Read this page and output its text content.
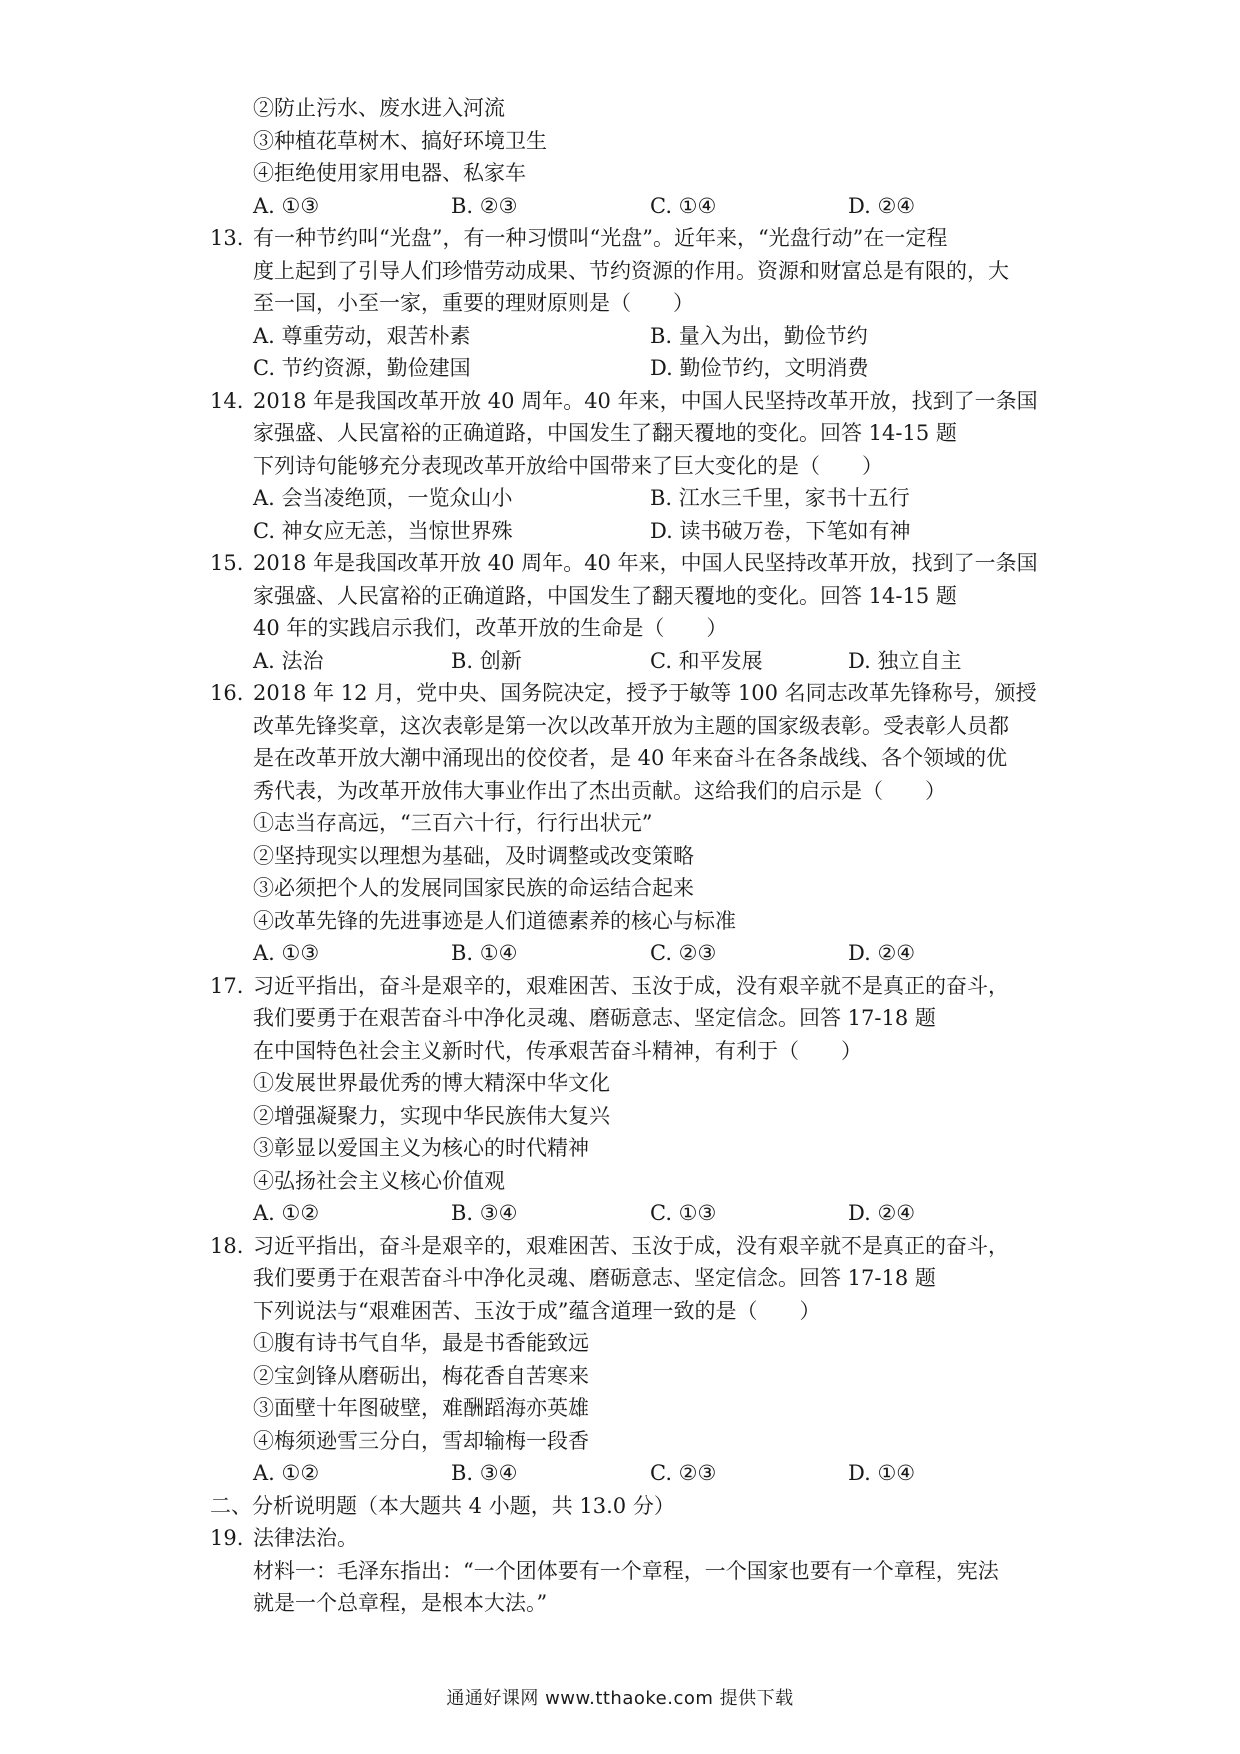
②防止污水、废水进入河流
③种植花草树木、搞好环境卫生
④拒绝使用家用电器、私家车
A. ①③	B. ②③	C. ①④	D. ②④
13. 有一种节约叫“光盘”，有一种习惯叫“光盘”。近年来，“光盘行动”在一定程
度上起到了引导人们珍惜劳动成果、节约资源的作用。资源和财富总是有限的，大
至一国，小至一家，重要的理财原则是（　　）
A. 尊重劳动，艰苦朴素	B. 量入为出，勤俭节约
C. 节约资源，勤俭建国	D. 勤俭节约，文明消费
14. 2018 年是我国改革开放 40 周年。40 年来，中国人民坚持改革开放，找到了一条国
家强盛、人民富裕的正确道路，中国发生了翻天覆地的变化。回答 14-15 题
下列诗句能够充分表现改革开放给中国带来了巨大变化的是（　　）
A. 会当凌绝顶，一览众山小	B. 江水三千里，家书十五行
C. 神女应无恙，当惊世界殊	D. 读书破万卷，下笔如有神
15. 2018 年是我国改革开放 40 周年。40 年来，中国人民坚持改革开放，找到了一条国
家强盛、人民富裕的正确道路，中国发生了翻天覆地的变化。回答 14-15 题
40 年的实践启示我们，改革开放的生命是（　　）
A. 法治	B. 创新	C. 和平发展	D. 独立自主
16. 2018 年 12 月，党中央、国务院决定，授予于敏等 100 名同志改革先锋称号，颁授
改革先锋奖章，这次表彰是第一次以改革开放为主题的国家级表彰。受表彰人员都
是在改革开放大潮中涌现出的佼佼者，是 40 年来奋斗在各条战线、各个领域的优
秀代表，为改革开放伟大事业作出了杰出贡献。这给我们的启示是（　　）
①志当存高远，“三百六十行，行行出状元”
②坚持现实以理想为基础，及时调整或改变策略
③必须把个人的发展同国家民族的命运结合起来
④改革先锋的先进事迹是人们道德素养的核心与标准
A. ①③	B. ①④	C. ②③	D. ②④
17. 习近平指出，奋斗是艰辛的，艰难困苦、玉汝于成，没有艰辛就不是真正的奋斗，
我们要勇于在艰苦奋斗中净化灵魂、磨砺意志、坚定信念。回答 17-18 题
在中国特色社会主义新时代，传承艰苦奋斗精神，有利于（　　）
①发展世界最优秀的博大精深中华文化
②增强凝聚力，实现中华民族伟大复兴
③彰显以爱国主义为核心的时代精神
④弘扬社会主义核心价值观
A. ①②	B. ③④	C. ①③	D. ②④
18. 习近平指出，奋斗是艰辛的，艰难困苦、玉汝于成，没有艰辛就不是真正的奋斗，
我们要勇于在艰苦奋斗中净化灵魂、磨砺意志、坚定信念。回答 17-18 题
下列说法与“艰难困苦、玉汝于成”蕴含道理一致的是（　　）
①腹有诗书气自华，最是书香能致远
②宝剑锋从磨砺出，梅花香自苦寒来
③面壁十年图破壁，难酬蹈海亦英雄
④梅须逊雪三分白，雪却输梅一段香
A. ①②	B. ③④	C. ②③	D. ①④
二、分析说明题（本大题共 4 小题，共 13.0 分）
19. 法律法治。
材料一：毛泽东指出：“一个团体要有一个章程，一个国家也要有一个章程，宪法
就是一个总章程，是根本大法。”
通通好课网 www.tthaoke.com 提供下载
